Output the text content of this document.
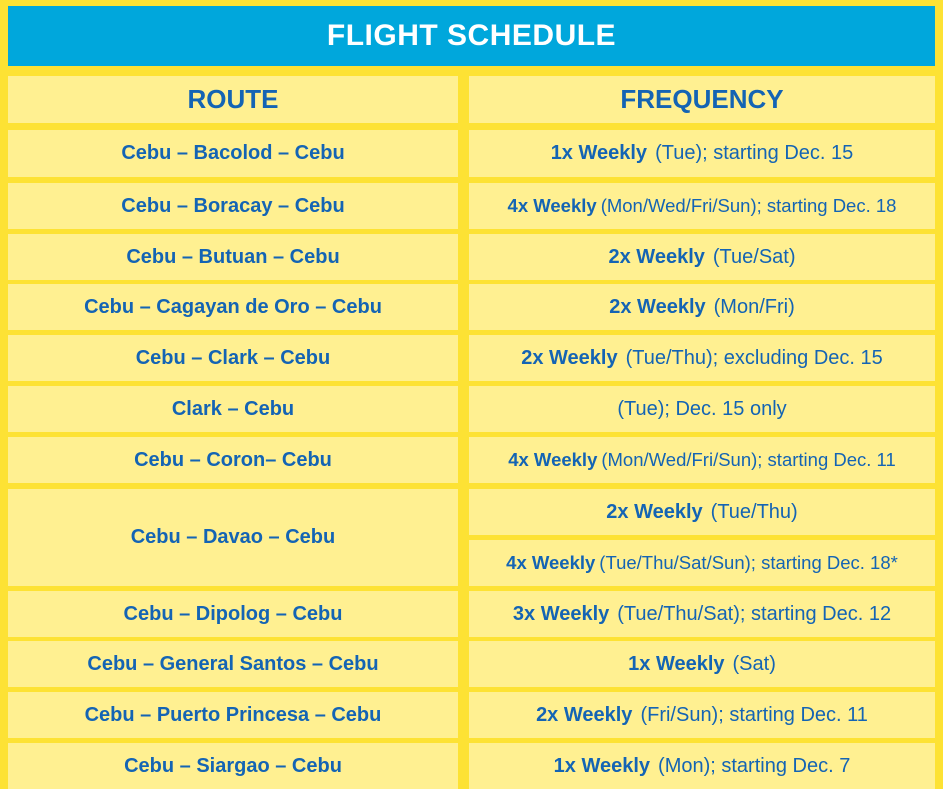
FLIGHT SCHEDULE
ROUTE	FREQUENCY
Cebu – Bacolod – Cebu	1x Weekly (Tue); starting Dec. 15
Cebu – Boracay – Cebu	4x Weekly (Mon/Wed/Fri/Sun); starting Dec. 18
Cebu – Butuan – Cebu	2x Weekly (Tue/Sat)
Cebu – Cagayan de Oro – Cebu	2x Weekly (Mon/Fri)
Cebu – Clark – Cebu	2x Weekly (Tue/Thu); excluding Dec. 15
Clark – Cebu	(Tue); Dec. 15 only
Cebu – Coron– Cebu	4x Weekly (Mon/Wed/Fri/Sun); starting Dec. 11
Cebu – Davao – Cebu
2x Weekly (Tue/Thu)
4x Weekly (Tue/Thu/Sat/Sun); starting Dec. 18*
Cebu – Dipolog – Cebu	3x Weekly (Tue/Thu/Sat); starting Dec. 12
Cebu – General Santos – Cebu	1x Weekly (Sat)
Cebu – Puerto Princesa – Cebu	2x Weekly (Fri/Sun); starting Dec. 11
Cebu – Siargao – Cebu	1x Weekly (Mon); starting Dec. 7
